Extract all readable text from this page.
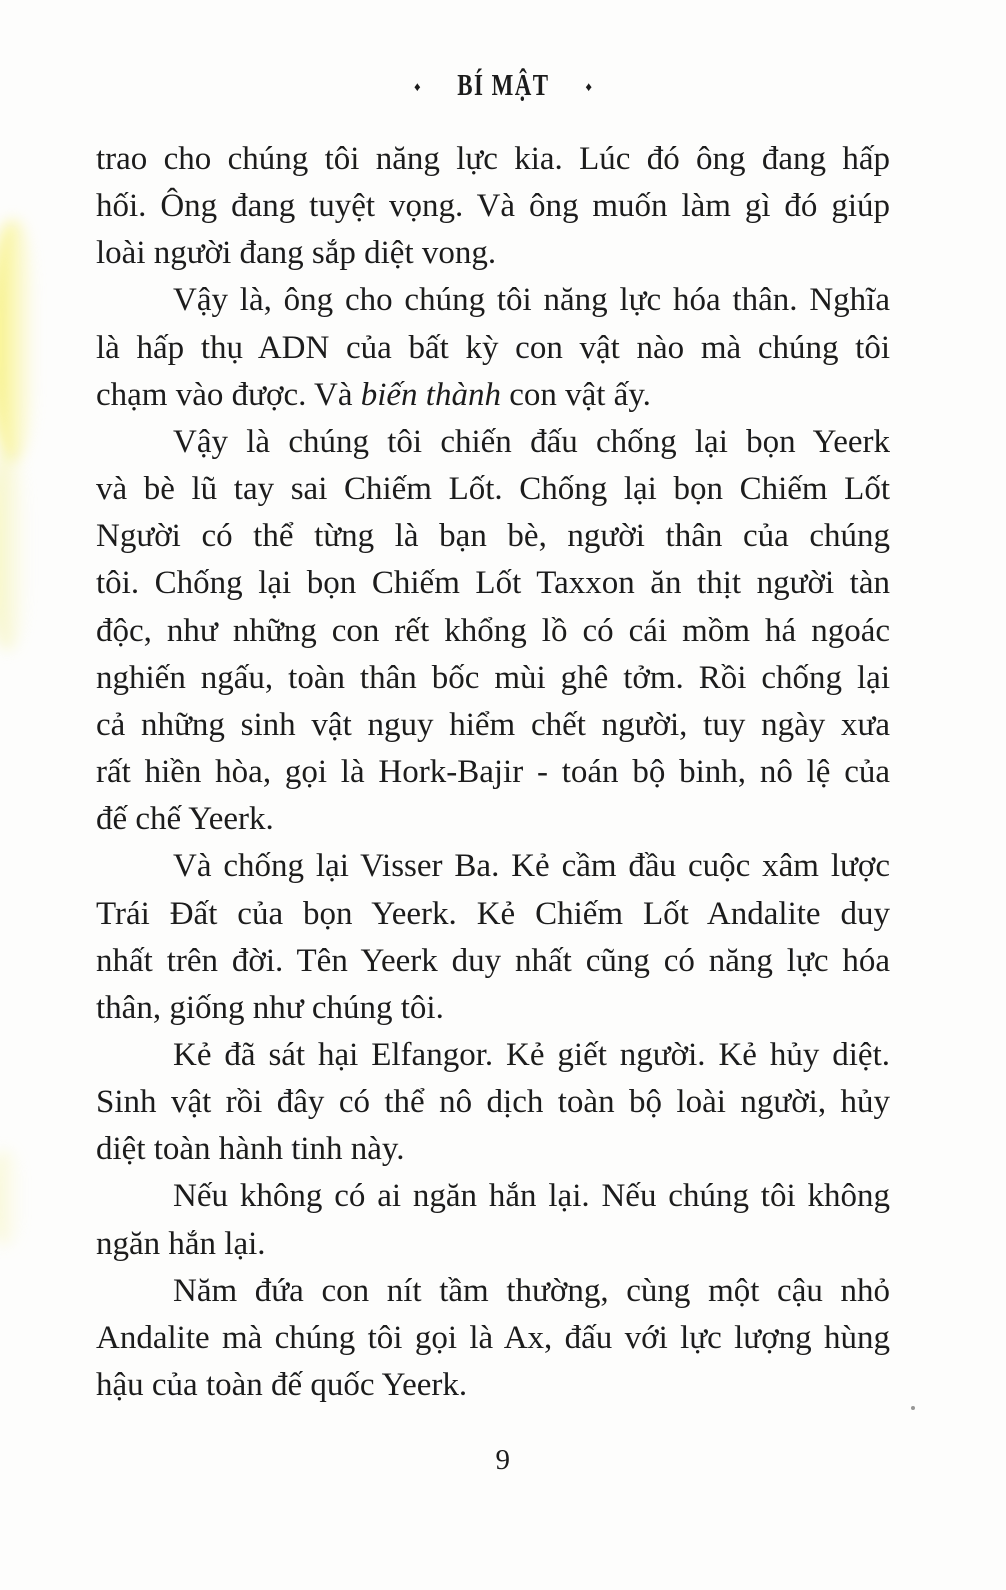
♦ BÍ MẬT	♦

trao cho chúng tôi năng lực kia. Lúc đó ông đang hấp
hối. Ông đang tuyệt vọng. Và ông muốn làm gì đó giúp
loài người đang sắp diệt vong.

Vậy là, ông cho chúng tôi năng lực hóa thân. Nghĩa
là hấp thụ ADN của bất kỳ con vật nào mà chúng tôi
chạm vào được. Và biến thành con vật ấy.

Vậy là chúng tôi chiến đấu chống lại bọn Yeerk
và bè lũ tay sai Chiếm Lốt. Chống lại bọn Chiếm Lốt
Người có thể từng là bạn bè, người thân của chúng
tôi. Chống lại bọn Chiếm Lốt Taxxon ăn thịt người tàn
độc, như những con rết khổng lồ có cái mồm há ngoác
nghiến ngấu, toàn thân bốc mùi ghê tởm. Rồi chống lại
cả những sinh vật nguy hiểm chết người, tuy ngày xưa
rất hiền hòa, gọi là Hork-Bajir - toán bộ binh, nô lệ của
đế chế Yeerk.

Và chống lại Visser Ba. Kẻ cầm đầu cuộc xâm lược
Trái Đất của bọn Yeerk. Kẻ Chiếm Lốt Andalite duy
nhất trên đời. Tên Yeerk duy nhất cũng có năng lực hóa
thân, giống như chúng tôi.

Kẻ đã sát hại Elfangor. Kẻ giết người. Kẻ hủy diệt.
Sinh vật rồi đây có thể nô dịch toàn bộ loài người, hủy
diệt toàn hành tinh này.

Nếu không có ai ngăn hắn lại. Nếu chúng tôi không
ngăn hắn lại.

Năm đứa con nít tầm thường, cùng một cậu nhỏ
Andalite mà chúng tôi gọi là Ax, đấu với lực lượng hùng
hậu của toàn đế quốc Yeerk.

9
